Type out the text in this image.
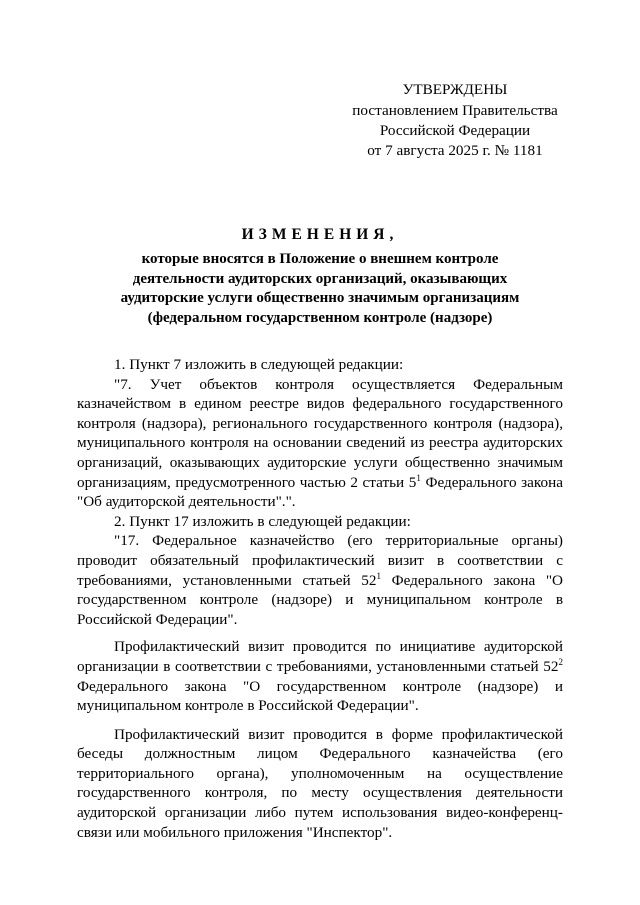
УТВЕРЖДЕНЫ
постановлением Правительства
Российской Федерации
от 7 августа 2025 г. № 1181
ИЗМЕНЕНИЯ,
которые вносятся в Положение о внешнем контроле
деятельности аудиторских организаций, оказывающих
аудиторские услуги общественно значимым организациям
(федеральном государственном контроле (надзоре)

1. Пункт 7 изложить в следующей редакции:

"7. Учет объектов контроля осуществляется Федеральным казначейством в едином реестре видов федерального государственного контроля (надзора), регионального государственного контроля (надзора), муниципального контроля на основании сведений из реестра аудиторских организаций, оказывающих аудиторские услуги общественно значимым организациям, предусмотренного частью 2 статьи $5^1$ Федерального закона "Об аудиторской деятельности".".

2. Пункт 17 изложить в следующей редакции:

"17. Федеральное казначейство (его территориальные органы) проводит обязательный профилактический визит в соответствии с требованиями, установленными статьей $52^1$ Федерального закона "О государственном контроле (надзоре) и муниципальном контроле в Российской Федерации".

Профилактический визит проводится по инициативе аудиторской организации в соответствии с требованиями, установленными статьей $52^2$ Федерального закона "О государственном контроле (надзоре) и муниципальном контроле в Российской Федерации".

Профилактический визит проводится в форме профилактической беседы должностным лицом Федерального казначейства (его территориального органа), уполномоченным на осуществление государственного контроля, по месту осуществления деятельности аудиторской организации либо путем использования видео-конференц-связи или мобильного приложения "Инспектор".
